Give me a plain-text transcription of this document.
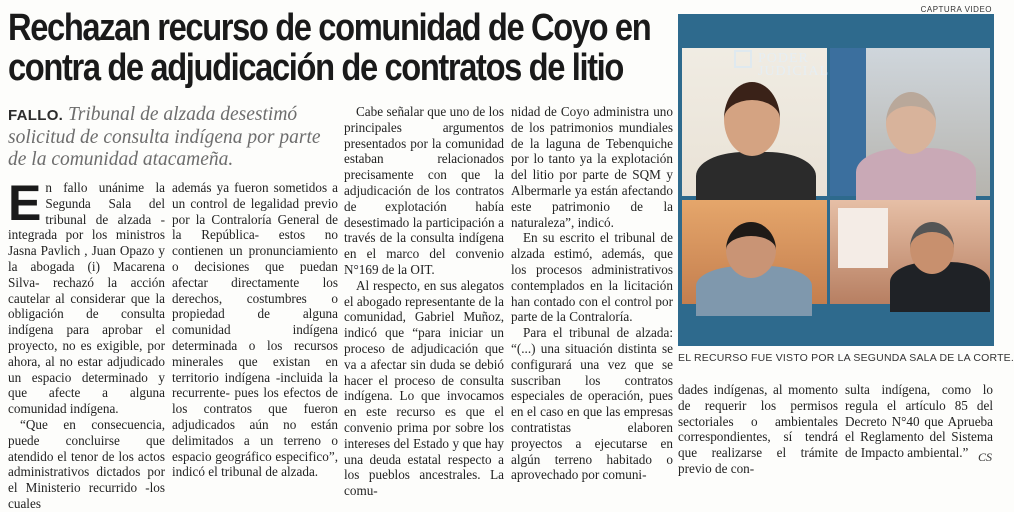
Rechazan recurso de comunidad de Coyo en
contra de adjudicación de contratos de litio
FALLO. Tribunal de alzada desestimó solicitud de consulta indígena por parte de la comunidad atacameña.

En fallo unánime la Segunda Sala del tribunal de alzada -integrada por los ministros Jasna Pavlich , Juan Opazo y la abogada (i) Macarena Silva- rechazó la acción cautelar al considerar que la obligación de consulta indígena para aprobar el proyecto, no es exigible, por ahora, al no estar adjudicado un espacio determinado y que afecte a alguna comunidad indígena.

“Que en consecuencia, puede concluirse que atendido el tenor de los actos administrativos dictados por el Ministerio recurrido -los cuales

además ya fueron sometidos a un control de legalidad previo por la Contraloría General de la República- estos no contienen un pronunciamiento o decisiones que puedan afectar directamente los derechos, costumbres o propiedad de alguna comunidad indígena determinada o los recursos minerales que existan en territorio indígena -incluida la recurrente- pues los efectos de los contratos que fueron adjudicados aún no están delimitados a un terreno o espacio geográfico especifico”, indicó el tribunal de alzada.

Cabe señalar que uno de los principales argumentos presentados por la comunidad estaban relacionados precisamente con que la adjudicación de los contratos de explotación había desestimado la participación a través de la consulta indígena en el marco del convenio N°169 de la OIT.

Al respecto, en sus alegatos el abogado representante de la comunidad, Gabriel Muñoz, indicó que “para iniciar un proceso de adjudicación que va a afectar sin duda se debió hacer el proceso de consulta indígena. Lo que invocamos en este recurso es que el convenio prima por sobre los intereses del Estado y que hay una deuda estatal respecto a los pueblos ancestrales. La comu-

nidad de Coyo administra uno de los patrimonios mundiales de la laguna de Tebenquiche por lo tanto ya la explotación del litio por parte de SQM y Albermarle ya están afectando este patrimonio de la naturaleza”, indicó.

En su escrito el tribunal de alzada estimó, además, que los procesos administrativos contemplados en la licitación han contado con el control por parte de la Contraloría.

Para el tribunal de alzada: “(...) una situación distinta se configurará una vez que se suscriban los contratos especiales de operación, pues en el caso en que las empresas contratistas elaboren proyectos a ejecutarse en algún terreno habitado o aprovechado por comuni-

CAPTURA VIDEO
PODER JUDICIAL
EL RECURSO FUE VISTO POR LA SEGUNDA SALA DE LA CORTE.

dades indígenas, al momento de requerir los permisos sectoriales o ambientales correspondientes, sí tendrá que realizarse el trámite previo de con-

sulta indígena, como lo regula el artículo 85 del Decreto N°40 que Aprueba el Reglamento del Sistema de Impacto ambiental.” CS
